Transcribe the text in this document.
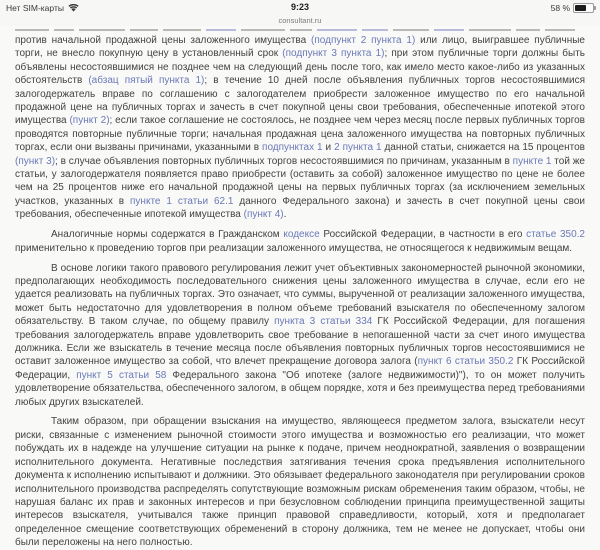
Нет SIM-карты	9:23	58 %
consultant.ru

против начальной продажной цены заложенного имущества (подпункт 2 пункта 1) или лицо, выигравшее публичные торги, не внесло покупную цену в установленный срок (подпункт 3 пункта 1); при этом публичные торги должны быть объявлены несостоявшимися не позднее чем на следующий день после того, как имело место какое-либо из указанных обстоятельств (абзац пятый пункта 1); в течение 10 дней после объявления публичных торгов несостоявшимися залогодержатель вправе по соглашению с залогодателем приобрести заложенное имущество по его начальной продажной цене на публичных торгах и зачесть в счет покупной цены свои требования, обеспеченные ипотекой этого имущества (пункт 2); если такое соглашение не состоялось, не позднее чем через месяц после первых публичных торгов проводятся повторные публичные торги; начальная продажная цена заложенного имущества на повторных публичных торгах, если они вызваны причинами, указанными в подпунктах 1 и 2 пункта 1 данной статьи, снижается на 15 процентов (пункт 3); в случае объявления повторных публичных торгов несостоявшимися по причинам, указанным в пункте 1 той же статьи, у залогодержателя появляется право приобрести (оставить за собой) заложенное имущество по цене не более чем на 25 процентов ниже его начальной продажной цены на первых публичных торгах (за исключением земельных участков, указанных в пункте 1 статьи 62.1 данного Федерального закона) и зачесть в счет покупной цены свои требования, обеспеченные ипотекой имущества (пункт 4).

Аналогичные нормы содержатся в Гражданском кодексе Российской Федерации, в частности в его статье 350.2 применительно к проведению торгов при реализации заложенного имущества, не относящегося к недвижимым вещам.

В основе логики такого правового регулирования лежит учет объективных закономерностей рыночной экономики, предполагающих необходимость последовательного снижения цены заложенного имущества в случае, если его не удается реализовать на публичных торгах. Это означает, что суммы, вырученной от реализации заложенного имущества, может быть недостаточно для удовлетворения в полном объеме требований взыскателя по обеспеченному залогом обязательству. В таком случае, по общему правилу пункта 3 статьи 334 ГК Российской Федерации, для погашения требования залогодержатель вправе удовлетворить свое требование в непогашенной части за счет иного имущества должника. Если же взыскатель в течение месяца после объявления повторных публичных торгов несостоявшимися не оставит заложенное имущество за собой, что влечет прекращение договора залога (пункт 6 статьи 350.2 ГК Российской Федерации, пункт 5 статьи 58 Федерального закона "Об ипотеке (залоге недвижимости)"), то он может получить удовлетворение обязательства, обеспеченного залогом, в общем порядке, хотя и без преимущества перед требованиями любых других взыскателей.

Таким образом, при обращении взыскания на имущество, являющееся предметом залога, взыскатели несут риски, связанные с изменением рыночной стоимости этого имущества и возможностью его реализации, что может побуждать их в надежде на улучшение ситуации на рынке к подаче, причем неоднократной, заявления о возвращении исполнительного документа. Негативные последствия затягивания течения срока предъявления исполнительного документа к исполнению испытывают и должники. Это обязывает федерального законодателя при регулировании сроков исполнительного производства распределять сопутствующие возможным рискам обременения таким образом, чтобы, не нарушая баланс их прав и законных интересов и при безусловном соблюдении принципа преимущественной защиты интересов взыскателя, учитывался также принцип правовой справедливости, который, хотя и предполагает определенное смещение соответствующих обременений в сторону должника, тем не менее не допускает, чтобы они были переложены на него полностью.
